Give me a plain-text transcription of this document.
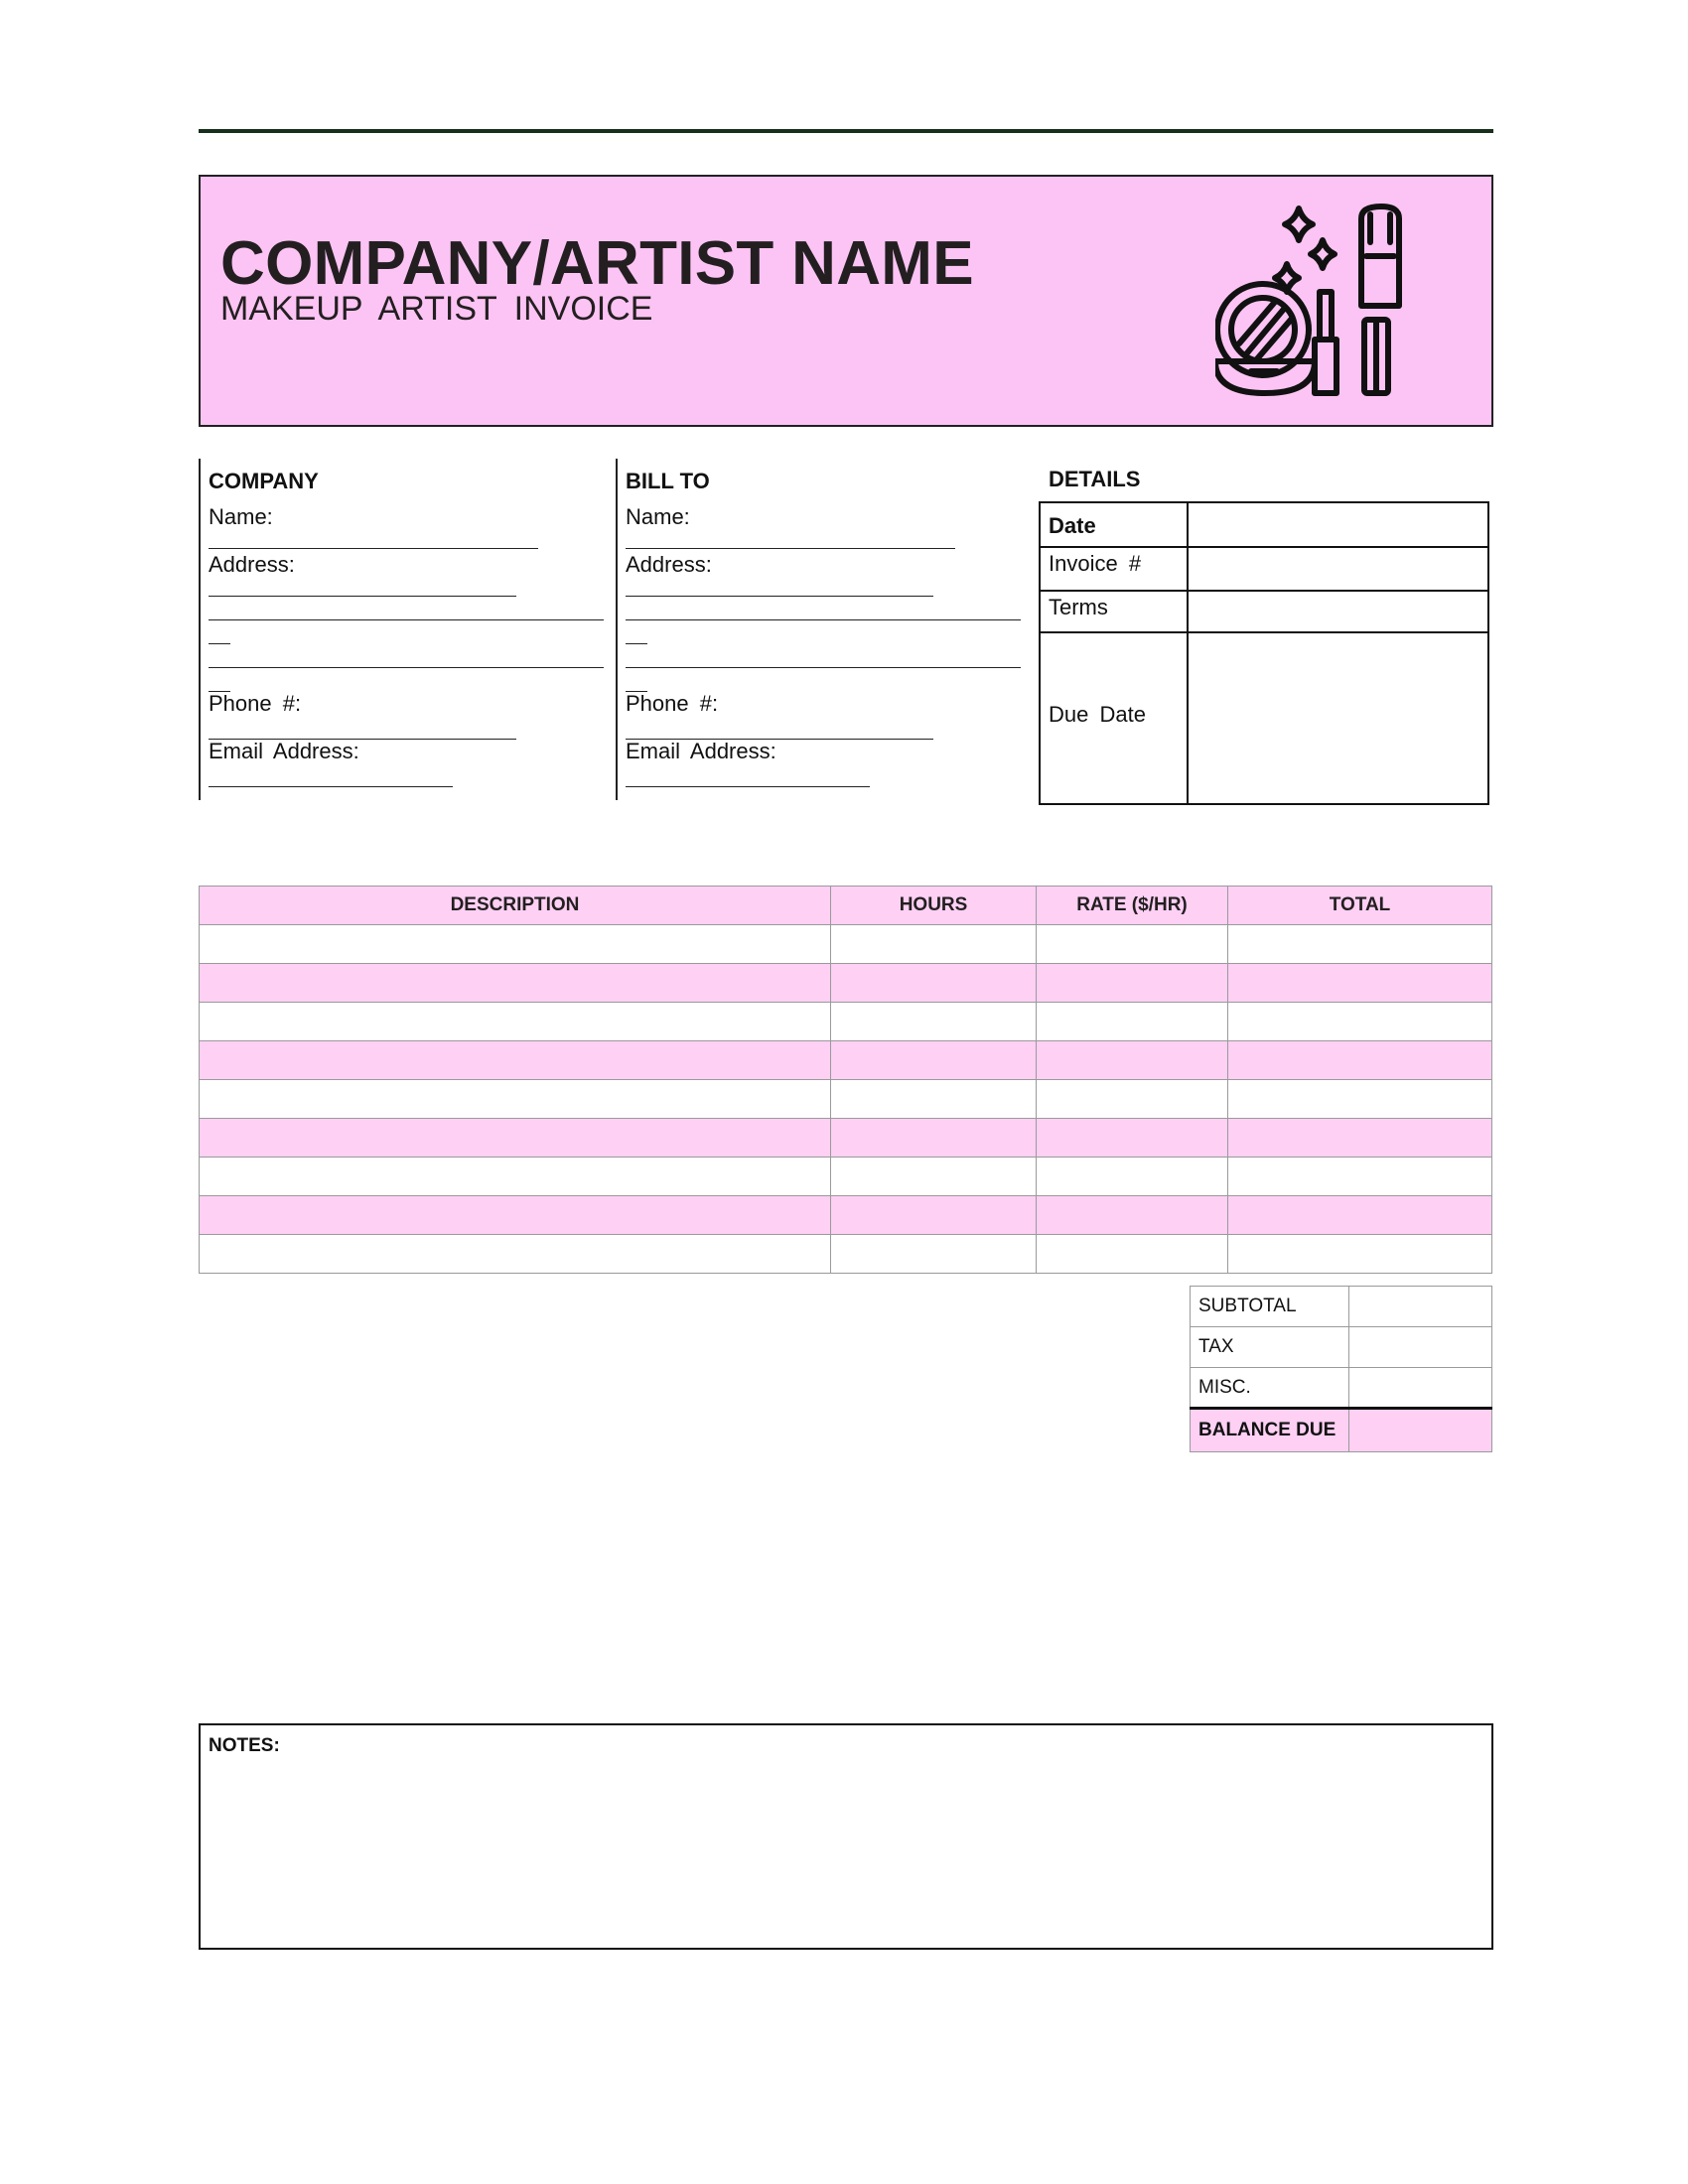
COMPANY/ARTIST NAME
MAKEUP ARTIST INVOICE
COMPANY
Name:
Address:
Phone #:
Email Address:
BILL TO
Name:
Address:
Phone #:
Email Address:
DETAILS
Date
Invoice #
Terms
Due Date
DESCRIPTION	HOURS	RATE ($/HR)	TOTAL

SUBTOTAL	
TAX	
MISC.	
BALANCE DUE	
NOTES:
